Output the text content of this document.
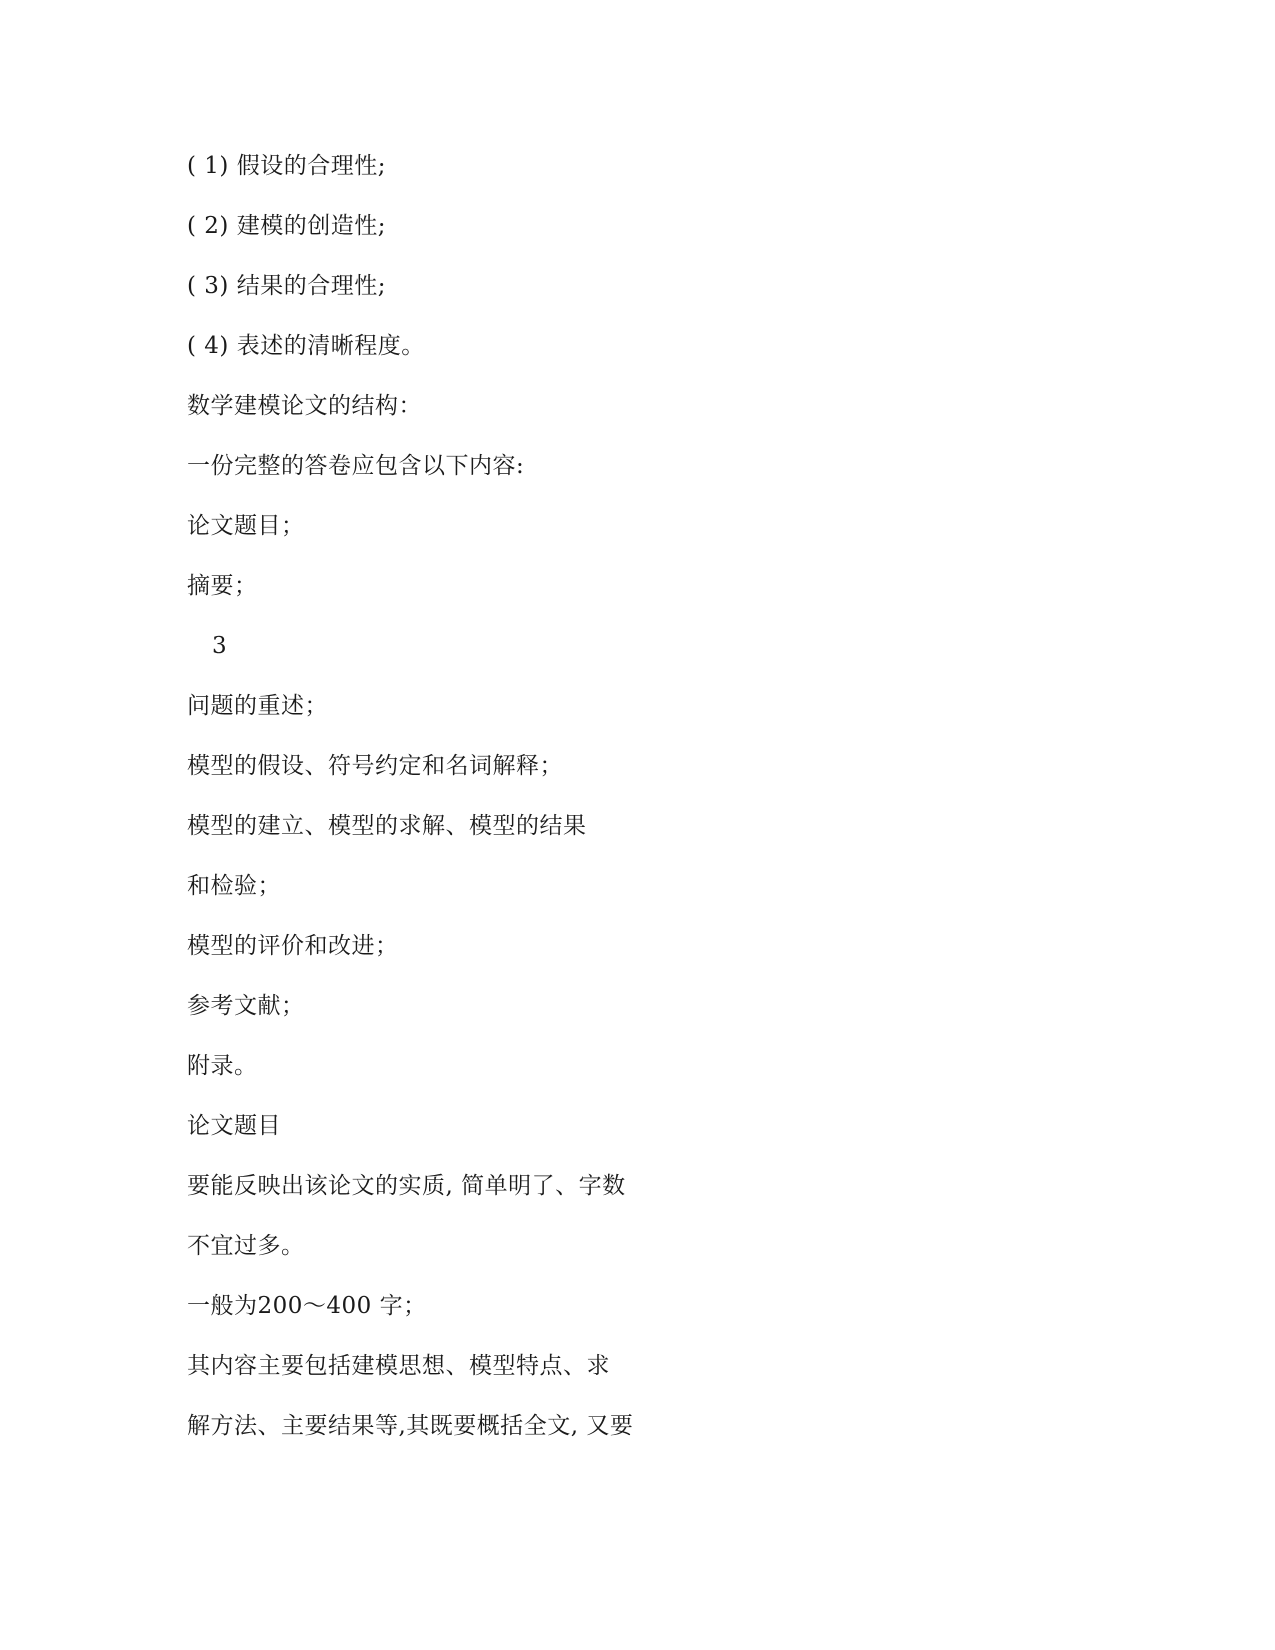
( 1) 假设的合理性;
( 2) 建模的创造性;
( 3) 结果的合理性;
( 4) 表述的清晰程度。
数学建模论文的结构：
一份完整的答卷应包含以下内容:
论文题目；
摘要；
3
问题的重述；
模型的假设、符号约定和名词解释；
模型的建立、模型的求解、模型的结果
和检验；
模型的评价和改进；
参考文献；
附录。
论文题目
要能反映出该论文的实质, 简单明了、字数
不宜过多。
一般为200～400 字；
其内容主要包括建模思想、模型特点、求
解方法、主要结果等,其既要概括全文, 又要
